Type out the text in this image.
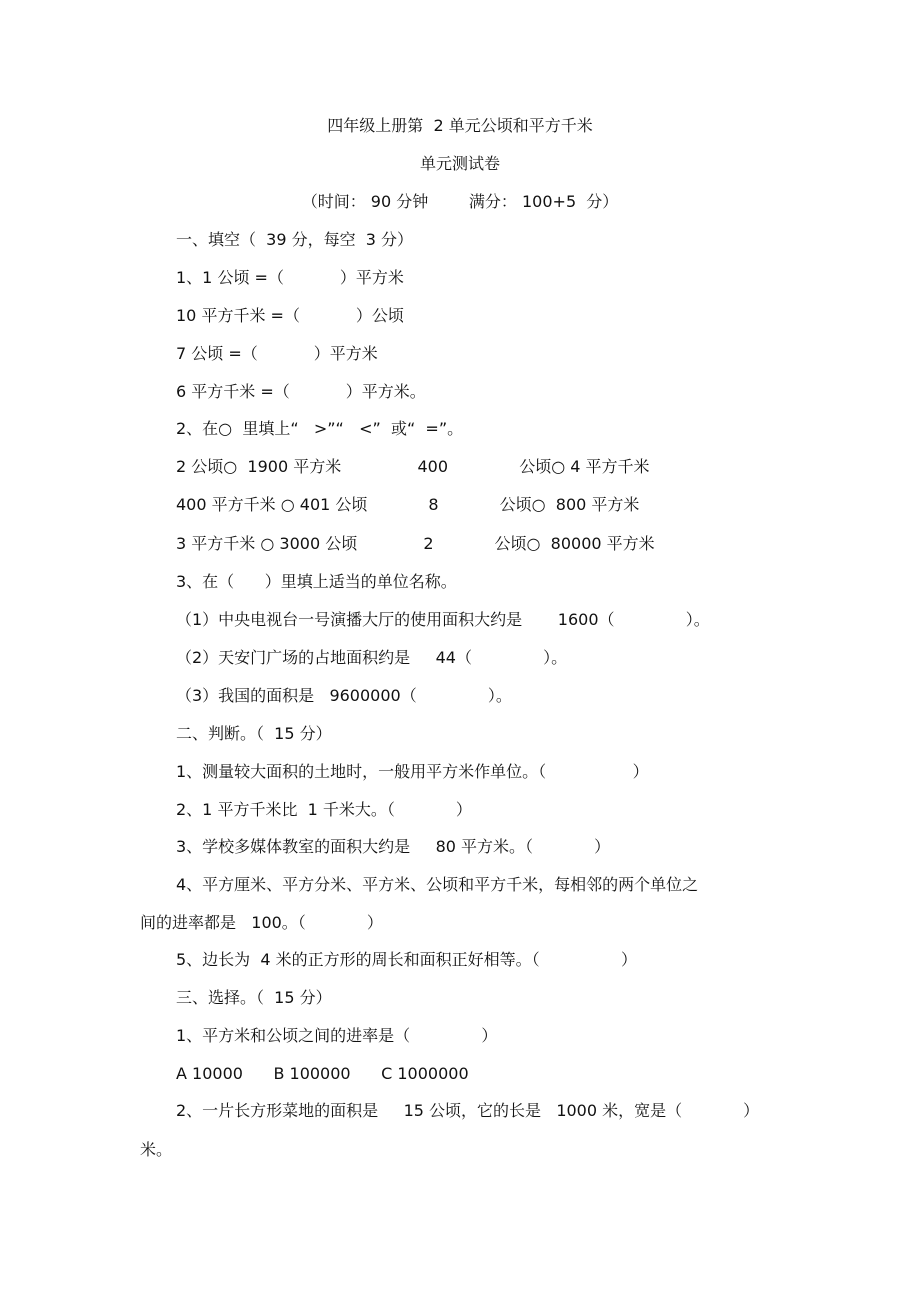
四年级上册第  2 单元公顷和平方千米
单元测试卷
（时间： 90 分钟        满分： 100+5  分）
一、填空（  39 分，每空  3 分）
1、1 公顷 =（           ）平方米
10 平方千米 =（           ）公顷
7 公顷 =（           ）平方米
6 平方千米 =（           ）平方米。
2、在○  里填上“   >”“   <”  或“  =”。
2 公顷○  1900 平方米               400              公顷○ 4 平方千米
400 平方千米 ○ 401 公顷            8            公顷○  800 平方米
3 平方千米 ○ 3000 公顷             2            公顷○  80000 平方米
3、在（      ）里填上适当的单位名称。
（1）中央电视台一号演播大厅的使用面积大约是       1600（              ）。
（2）天安门广场的占地面积约是     44（              ）。
（3）我国的面积是   9600000（              ）。
二、判断。（  15 分）
1、测量较大面积的土地时，一般用平方米作单位。（                 ）
2、1 平方千米比  1 千米大。（            ）
3、学校多媒体教室的面积大约是     80 平方米。（            ）
4、平方厘米、平方分米、平方米、公顷和平方千米，每相邻的两个单位之
间的进率都是   100。（            ）
5、边长为  4 米的正方形的周长和面积正好相等。（                ）
三、选择。（  15 分）
1、平方米和公顷之间的进率是（              ）
A 10000      B 100000      C 1000000
2、一片长方形菜地的面积是     15 公顷，它的长是   1000 米，宽是（            ）
米。
